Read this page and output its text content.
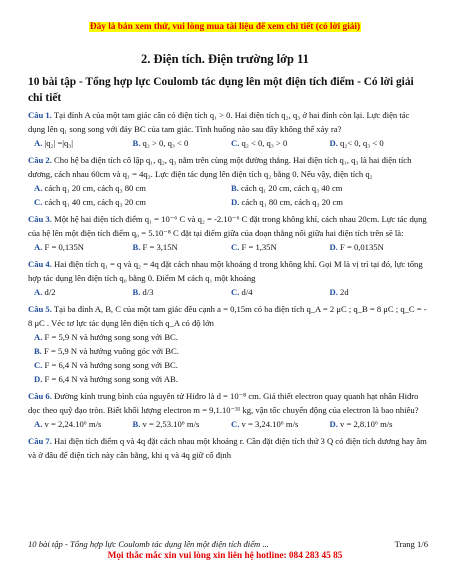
Đây là bản xem thử, vui lòng mua tài liệu để xem chi tiết (có lời giải)
2. Điện tích. Điện trường lớp 11
10 bài tập - Tổng hợp lực Coulomb tác dụng lên một điện tích điểm - Có lời giải chi tiết

Câu 1. Tại đỉnh A của một tam giác cân có điện tích q₁ > 0. Hai điện tích q₂, q₃ ở hai đỉnh còn lại. Lực điện tác dụng lên q₁ song song với đáy BC của tam giác. Tình huống nào sau đây không thể xảy ra?

A. |q₂| =|q₃|	B. q₂ > 0, q₃ < 0	C. q₂ < 0, q₃ > 0	D. q₂< 0, q₃ < 0

Câu 2. Cho hệ ba điện tích cô lập q₁, q₂, q₃ nằm trên cùng một đường thẳng. Hai điện tích q₁, q₃ là hai điện tích dương, cách nhau 60cm và q₁ = 4q₃. Lực điện tác dụng lên điện tích q₂ bằng 0. Nếu vậy, điện tích q₂

A. cách q₁ 20 cm, cách q₃ 80 cm	B. cách q₁ 20 cm, cách q₃ 40 cm
C. cách q₁ 40 cm, cách q₃ 20 cm	D. cách q₁ 80 cm, cách q₃ 20 cm

Câu 3. Một hệ hai điện tích điểm q₁ = 10⁻⁶ C và q₂ = -2.10⁻⁶ C đặt trong không khí, cách nhau 20cm. Lực tác dụng của hệ lên một điện tích điểm q₀ = 5.10⁻⁸ C đặt tại điểm giữa của đoạn thẳng nối giữa hai điện tích trên sẽ là:

A. F = 0,135N	B. F = 3,15N	C. F = 1,35N	D. F = 0,0135N

Câu 4. Hai điện tích q₁ = q và q₂ = 4q đặt cách nhau một khoảng d trong không khí. Gọi M là vị trí tại đó, lực tổng hợp tác dụng lên điện tích q₀ bằng 0. Điểm M cách q₁ một khoảng

A. d/2	B. d/3	C. d/4	D. 2d

Câu 5. Tại ba đỉnh A, B, C của một tam giác đều cạnh a = 0,15m có ba điện tích q_A = 2 μC ; q_B = 8 μC ; q_C = - 8 μC . Véc tơ lực tác dụng lên điện tích q_A có độ lớn

A. F = 5,9 N và hướng song song với BC.
B. F = 5,9 N và hướng vuông góc với BC.
C. F = 6,4 N và hướng song song với BC.
D. F = 6,4 N và hướng song song với AB.

Câu 6. Đường kính trung bình của nguyên tử Hiđro là d = 10⁻⁸ cm. Giả thiết electron quay quanh hạt nhân Hiđro dọc theo quỹ đạo tròn. Biết khối lượng electron m = 9,1.10⁻³¹ kg, vận tốc chuyển động của electron là bao nhiêu?

A. v = 2,24.10⁶ m/s	B. v = 2,53.10⁶ m/s	C. v = 3,24.10⁶ m/s	D. v = 2,8.10⁶ m/s

Câu 7. Hai điện tích điểm q và 4q đặt cách nhau một khoảng r. Cần đặt điện tích thứ 3 Q có điện tích dương hay âm và ở đâu để điện tích này cân bằng, khi q và 4q giữ cố định

10 bài tập - Tổng hợp lực Coulomb tác dụng lên một điện tích điểm ...	Trang 1/6
Mọi thắc mắc xin vui lòng xin liên hệ hotline: 084 283 45 85
